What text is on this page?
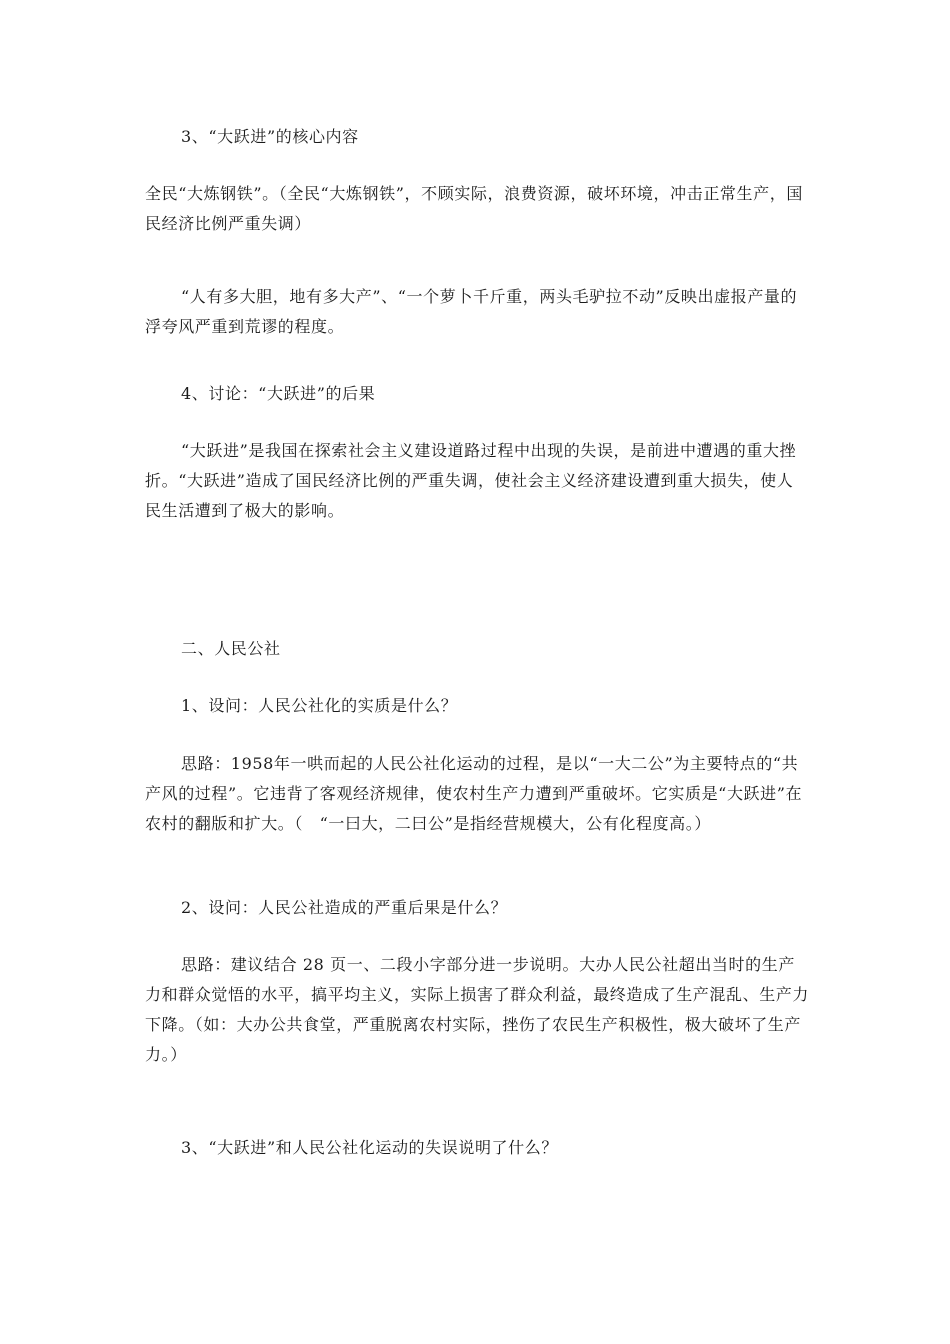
3、“大跃进”的核心内容
全民“大炼钢铁”。（全民“大炼钢铁”，不顾实际，浪费资源，破坏环境，冲击正常生产，国民经济比例严重失调）
“人有多大胆，地有多大产”、“一个萝卜千斤重，两头毛驴拉不动”反映出虚报产量的浮夸风严重到荒谬的程度。
4、讨论：“大跃进”的后果
“大跃进”是我国在探索社会主义建设道路过程中出现的失误，是前进中遭遇的重大挫折。“大跃进”造成了国民经济比例的严重失调，使社会主义经济建设遭到重大损失，使人民生活遭到了极大的影响。
二、人民公社
1、设问：人民公社化的实质是什么？
思路：1958年一哄而起的人民公社化运动的过程，是以“一大二公”为主要特点的“共产风的过程”。它违背了客观经济规律，使农村生产力遭到严重破坏。它实质是“大跃进”在农村的翻版和扩大。（　“一曰大，二曰公”是指经营规模大，公有化程度高。）
2、设问：人民公社造成的严重后果是什么？
思路：建议结合 28 页一、二段小字部分进一步说明。大办人民公社超出当时的生产力和群众觉悟的水平，搞平均主义，实际上损害了群众利益，最终造成了生产混乱、生产力下降。（如：大办公共食堂，严重脱离农村实际，挫伤了农民生产积极性，极大破坏了生产力。）
3、“大跃进”和人民公社化运动的失误说明了什么？
